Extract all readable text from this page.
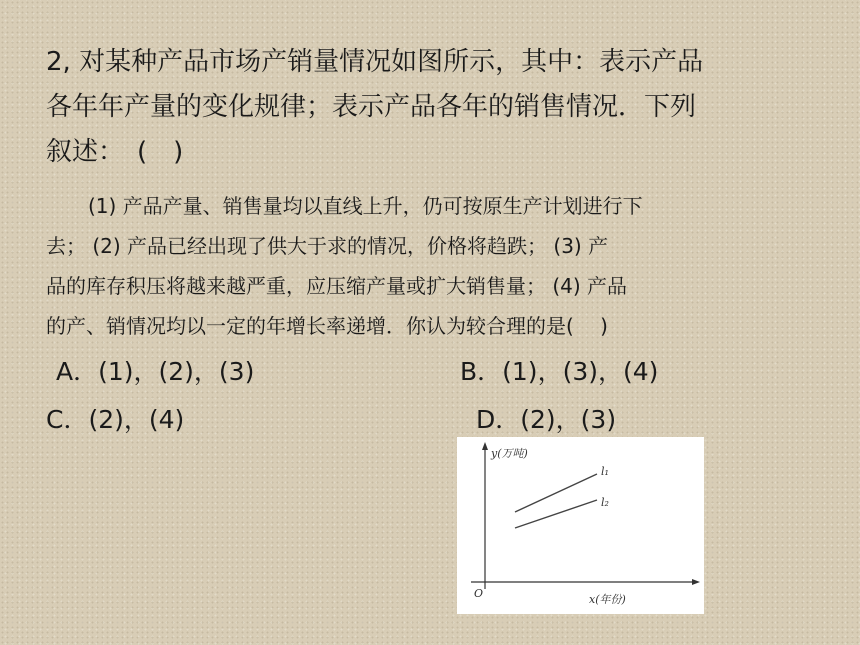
2, 对某种产品市场产销量情况如图所示，其中：表示产品
各年年产量的变化规律；表示产品各年的销售情况．下列
叙述：　(　)

(1) 产品产量、销售量均以直线上升，仍可按原生产计划进行下
去； (2) 产品已经出现了供大于求的情况，价格将趋跌； (3) 产
品的库存积压将越来越严重，应压缩产量或扩大销售量； (4) 产品
的产、销情况均以一定的年增长率递增．你认为较合理的是(　 )

A．(1)，(2)，(3)	B．(1)，(3)，(4)
C．(2)，(4)	D．(2)，(3)
y(万吨)
x(年份)
O
l₁
l₂
